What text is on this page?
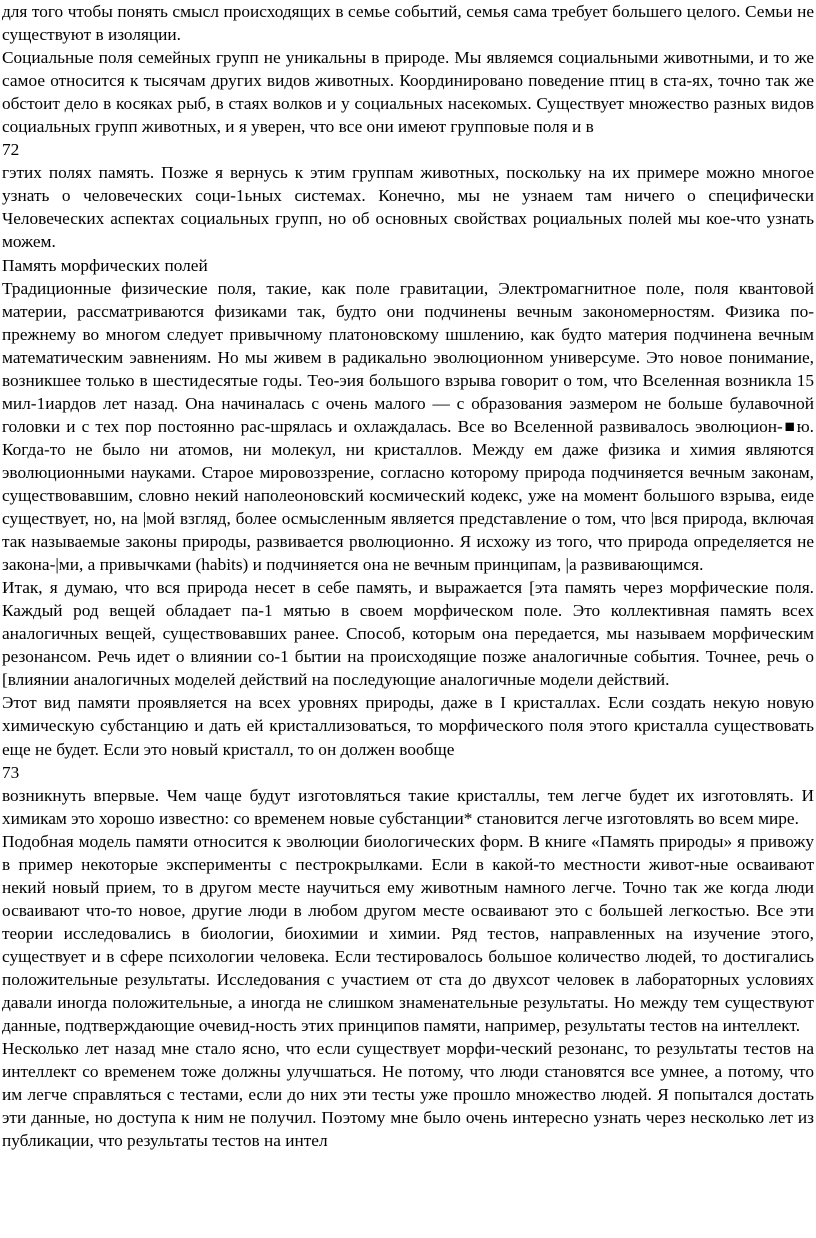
для того чтобы понять смысл происходящих в семье событий, семья сама требует большего целого. Семьи не существуют в изоляции.

Социальные поля семейных групп не уникальны в природе. Мы являемся социальными животными, и то же самое относится к тысячам других видов животных. Координировано поведение птиц в ста-ях, точно так же обстоит дело в косяках рыб, в стаях волков и у социальных насекомых. Существует множество разных видов социальных групп животных, и я уверен, что все они имеют групповые поля и в

72

гэтих полях память. Позже я вернусь к этим группам животных, поскольку на их примере можно многое узнать о человеческих соци-1ьных системах. Конечно, мы не узнаем там ничего о специфически Человеческих аспектах социальных групп, но об основных свойствах роциальных полей мы кое-что узнать можем.

Память морфических полей

Традиционные физические поля, такие, как поле гравитации, Электромагнитное поле, поля квантовой материи, рассматриваются физиками так, будто они подчинены вечным закономерностям. Физика по-прежнему во многом следует привычному платоновскому шшлению, как будто материя подчинена вечным математическим эавнениям. Но мы живем в радикально эволюционном универсуме. Это новое понимание, возникшее только в шестидесятые годы. Тео-эия большого взрыва говорит о том, что Вселенная возникла 15 мил-1иардов лет назад. Она начиналась с очень малого — с образования эазмером не больше булавочной головки и с тех пор постоянно рас-шрялась и охлаждалась. Все во Вселенной развивалось эволюцион-■ю. Когда-то не было ни атомов, ни молекул, ни кристаллов. Между ем даже физика и химия являются эволюционными науками. Старое мировоззрение, согласно которому природа подчиняется вечным законам, существовавшим, словно некий наполеоновский космический кодекс, уже на момент большого взрыва, еиде существует, но, на |мой взгляд, более осмысленным является представление о том, что |вся природа, включая так называемые законы природы, развивается рволюционно. Я исхожу из того, что природа определяется не закона-|ми, а привычками (habits) и подчиняется она не вечным принципам, |а развивающимся.

Итак, я думаю, что вся природа несет в себе память, и выражается [эта память через морфические поля. Каждый род вещей обладает па-1 мятью в своем морфическом поле. Это коллективная память всех аналогичных вещей, существовавших ранее. Способ, которым она передается, мы называем морфическим резонансом. Речь идет о влиянии со-1 бытии на происходящие позже аналогичные события. Точнее, речь о [влиянии аналогичных моделей действий на последующие аналогичные модели действий.

Этот вид памяти проявляется на всех уровнях природы, даже в I кристаллах. Если создать некую новую химическую субстанцию и дать ей кристаллизоваться, то морфического поля этого кристалла существовать еще не будет. Если это новый кристалл, то он должен вообще

73

возникнуть впервые. Чем чаще будут изготовляться такие кристаллы, тем легче будет их изготовлять. И химикам это хорошо известно: со временем новые субстанции* становится легче изготовлять во всем мире.

Подобная модель памяти относится к эволюции биологических форм. В книге «Память природы» я привожу в пример некоторые эксперименты с пестрокрылками. Если в какой-то местности живот-ные осваивают некий новый прием, то в другом месте научиться ему животным намного легче. Точно так же когда люди осваивают что-то новое, другие люди в любом другом месте осваивают это с большей легкостью. Все эти теории исследовались в биологии, биохимии и химии. Ряд тестов, направленных на изучение этого, существует и в сфере психологии человека. Если тестировалось большое количество людей, то достигались положительные результаты. Исследования с участием от ста до двухсот человек в лабораторных условиях давали иногда положительные, а иногда не слишком знаменательные результаты. Но между тем существуют данные, подтверждающие очевид-ность этих принципов памяти, например, результаты тестов на интеллект.

Несколько лет назад мне стало ясно, что если существует морфи-ческий резонанс, то результаты тестов на интеллект со временем тоже должны улучшаться. Не потому, что люди становятся все умнее, а потому, что им легче справляться с тестами, если до них эти тесты уже прошло множество людей. Я попытался достать эти данные, но доступа к ним не получил. Поэтому мне было очень интересно узнать через несколько лет из публикации, что результаты тестов на интел
